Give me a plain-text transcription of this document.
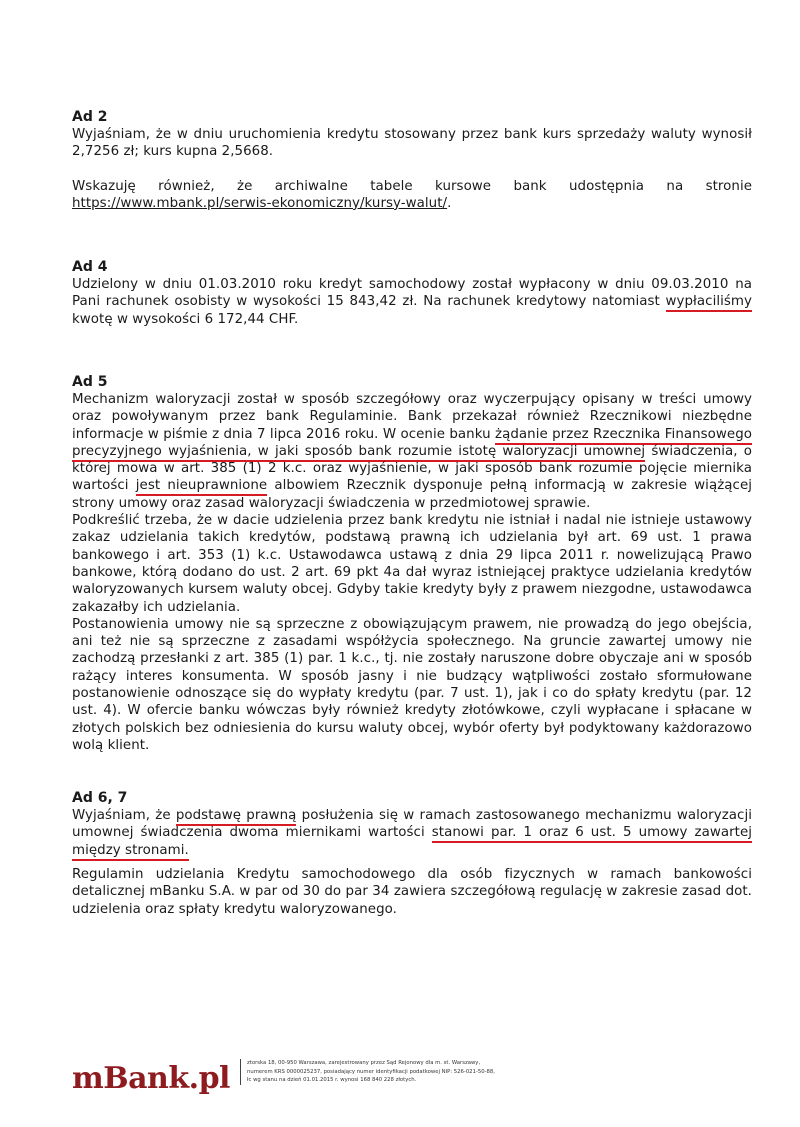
Ad 2

Wyjaśniam, że w dniu uruchomienia kredytu stosowany przez bank kurs sprzedaży waluty wynosił 2,7256 zł; kurs kupna 2,5668.

Wskazuję również, że archiwalne tabele kursowe bank udostępnia na stronie https://www.mbank.pl/serwis-ekonomiczny/kursy-walut/.

Ad 4

Udzielony w dniu 01.03.2010 roku kredyt samochodowy został wypłacony w dniu 09.03.2010 na Pani rachunek osobisty w wysokości 15 843,42 zł. Na rachunek kredytowy natomiast wypłaciliśmy kwotę w wysokości 6 172,44 CHF.

Ad 5

Mechanizm waloryzacji został w sposób szczegółowy oraz wyczerpujący opisany w treści umowy oraz powoływanym przez bank Regulaminie. Bank przekazał również Rzecznikowi niezbędne informacje w piśmie z dnia 7 lipca 2016 roku. W ocenie banku żądanie przez Rzecznika Finansowego precyzyjnego wyjaśnienia, w jaki sposób bank rozumie istotę waloryzacji umownej świadczenia, o której mowa w art. 385 (1) 2 k.c. oraz wyjaśnienie, w jaki sposób bank rozumie pojęcie miernika wartości jest nieuprawnione albowiem Rzecznik dysponuje pełną informacją w zakresie wiążącej strony umowy oraz zasad waloryzacji świadczenia w przedmiotowej sprawie.

Podkreślić trzeba, że w dacie udzielenia przez bank kredytu nie istniał i nadal nie istnieje ustawowy zakaz udzielania takich kredytów, podstawą prawną ich udzielania był art. 69 ust. 1 prawa bankowego i art. 353 (1) k.c. Ustawodawca ustawą z dnia 29 lipca 2011 r. nowelizującą Prawo bankowe, którą dodano do ust. 2 art. 69 pkt 4a dał wyraz istniejącej praktyce udzielania kredytów waloryzowanych kursem waluty obcej. Gdyby takie kredyty były z prawem niezgodne, ustawodawca zakazałby ich udzielania.

Postanowienia umowy nie są sprzeczne z obowiązującym prawem, nie prowadzą do jego obejścia, ani też nie są sprzeczne z zasadami współżycia społecznego. Na gruncie zawartej umowy nie zachodzą przesłanki z art. 385 (1) par. 1 k.c., tj. nie zostały naruszone dobre obyczaje ani w sposób rażący interes konsumenta. W sposób jasny i nie budzący wątpliwości zostało sformułowane postanowienie odnoszące się do wypłaty kredytu (par. 7 ust. 1), jak i co do spłaty kredytu (par. 12 ust. 4). W ofercie banku wówczas były również kredyty złotówkowe, czyli wypłacane i spłacane w złotych polskich bez odniesienia do kursu waluty obcej, wybór oferty był podyktowany każdorazowo wolą klient.

Ad 6, 7

Wyjaśniam, że podstawę prawną posłużenia się w ramach zastosowanego mechanizmu waloryzacji umownej świadczenia dwoma miernikami wartości stanowi par. 1 oraz 6 ust. 5 umowy zawartej między stronami.

Regulamin udzielania Kredytu samochodowego dla osób fizycznych w ramach bankowości detalicznej mBanku S.A. w par od 30 do par 34 zawiera szczegółową regulację w zakresie zasad dot. udzielenia oraz spłaty kredytu waloryzowanego.

mBank.pl	ztorska 18, 00-950 Warszawa, zarejestrowany przez Sąd Rejonowy dla m. st. Warszawy,
numerem KRS 0000025237, posiadający numer identyfikacji podatkowej NIP: 526-021-50-88,
łc wg stanu na dzień 01.01.2015 r. wynosi 168 840 228 złotych.
